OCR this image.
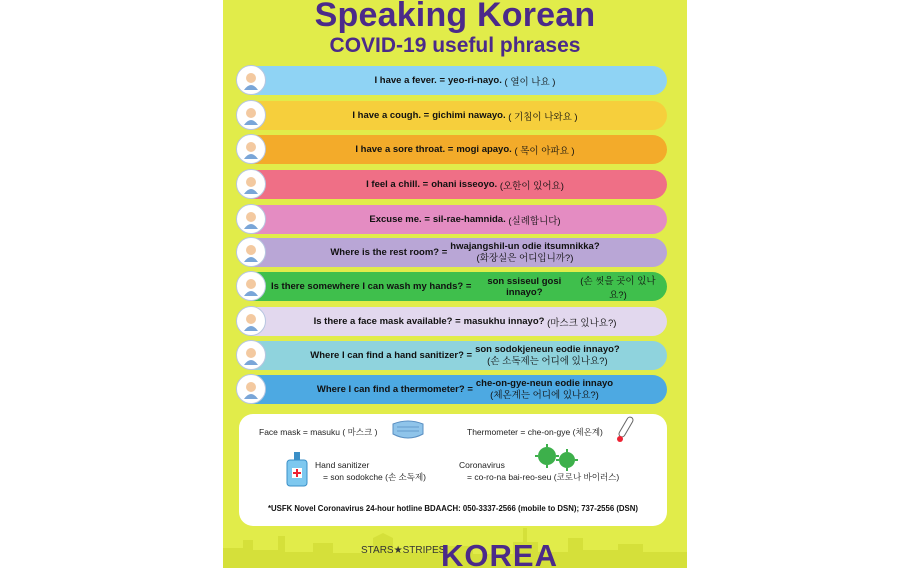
Speaking Korean
COVID-19 useful phrases
I have a fever. = yeo-ri-nayo.
( 열이 나요 )
I have a cough. = gichimi nawayo.
( 기침이 나와요 )
I have a sore throat. = mogi apayo.
( 목이 아파요 )
I feel a chill. = ohani isseoyo.
(오한이 있어요)
Excuse me. = sil-rae-hamnida.
(실례합니다)
Where is the rest room? =
hwajangshil-un odie itsumnikka?
(화장실은 어디입니까?)
Is there somewhere I can wash my hands? =	son ssiseul gosi innayo?

(손 씻을 곳이 있나요?)
Is there a face mask available? = masukhu innayo?
(마스크 있나요?)
Where I can find a hand sanitizer? =
son sodokjeneun eodie innayo?
(손 소독제는 어디에 있나요?)
Where I can find a thermometer? =
che-on-gye-neun eodie innayo
(체온계는 어디에 있나요?)
Face mask = masuku ( 마스크 )	Thermometer = che-on-gye (체온계)
Hand sanitizer
= son sodokche (손 소독제)
Coronavirus
= co-ro-na bai-reo-seu (코로나 바이러스)
*USFK Novel Coronavirus 24-hour hotline BDAACH: 050-3337-2566 (mobile to DSN); 737-2556 (DSN)
STARS★STRIPES.
KOREA
